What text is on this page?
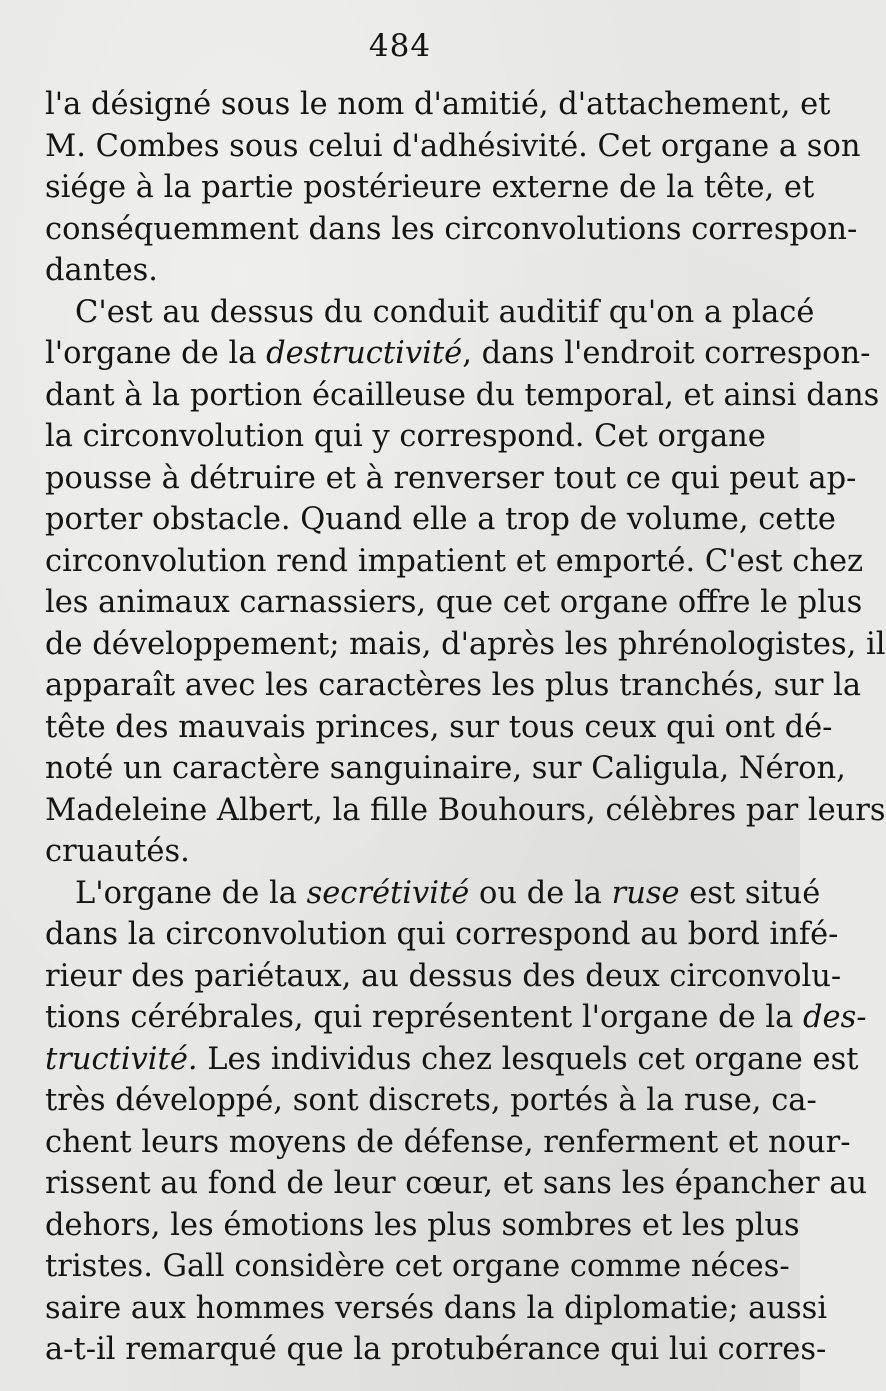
484
l'a désigné sous le nom d'amitié, d'attachement, et
M. Combes sous celui d'adhésivité. Cet organe a son
siége à la partie postérieure externe de la tête, et
conséquemment dans les circonvolutions correspon-
dantes.
C'est au dessus du conduit auditif qu'on a placé
l'organe de la destructivité, dans l'endroit correspon-
dant à la portion écailleuse du temporal, et ainsi dans
la circonvolution qui y correspond. Cet organe
pousse à détruire et à renverser tout ce qui peut ap-
porter obstacle. Quand elle a trop de volume, cette
circonvolution rend impatient et emporté. C'est chez
les animaux carnassiers, que cet organe offre le plus
de développement; mais, d'après les phrénologistes, il
apparaît avec les caractères les plus tranchés, sur la
tête des mauvais princes, sur tous ceux qui ont dé-
noté un caractère sanguinaire, sur Caligula, Néron,
Madeleine Albert, la fille Bouhours, célèbres par leurs
cruautés.
L'organe de la secrétivité ou de la ruse est situé
dans la circonvolution qui correspond au bord infé-
rieur des pariétaux, au dessus des deux circonvolu-
tions cérébrales, qui représentent l'organe de la des-
tructivité. Les individus chez lesquels cet organe est
très développé, sont discrets, portés à la ruse, ca-
chent leurs moyens de défense, renferment et nour-
rissent au fond de leur cœur, et sans les épancher au
dehors, les émotions les plus sombres et les plus
tristes. Gall considère cet organe comme néces-
saire aux hommes versés dans la diplomatie; aussi
a-t-il remarqué que la protubérance qui lui corres-
